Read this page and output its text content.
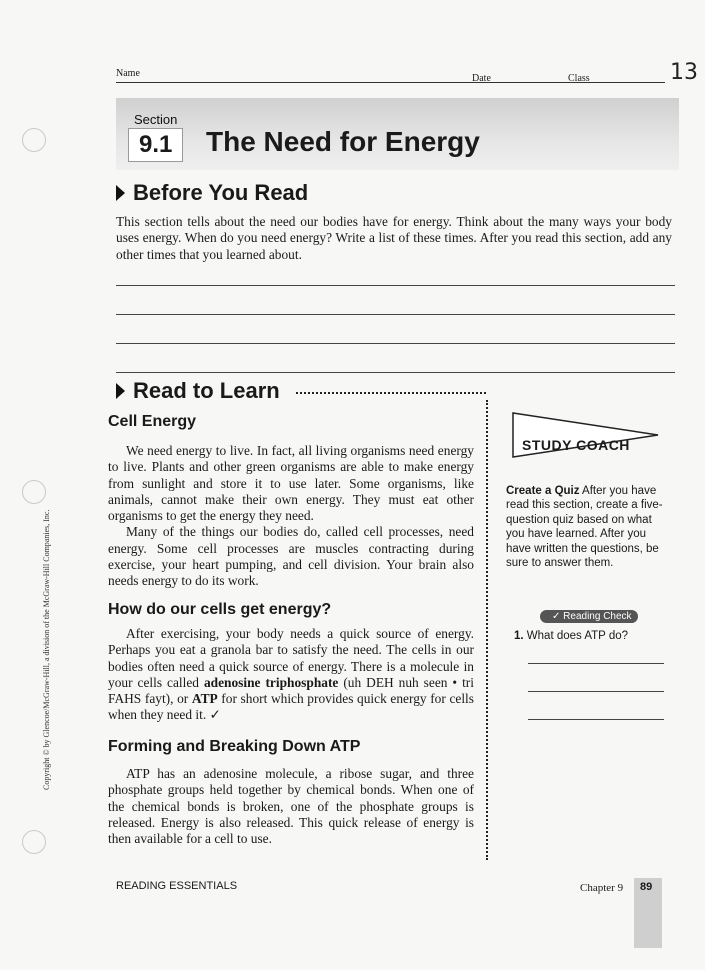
Name	Date	Class	13
Section
9.1	The Need for Energy
Before You Read

This section tells about the need our bodies have for energy. Think about the many ways your body uses energy. When do you need energy? Write a list of these times. After you read this section, add any other times that you learned about.

Read to Learn
Cell Energy

We need energy to live. In fact, all living organisms need energy to live. Plants and other green organisms are able to make energy from sunlight and store it to use later. Some organisms, like animals, cannot make their own energy. They must eat other organisms to get the energy they need.

Many of the things our bodies do, called cell processes, need energy. Some cell processes are muscles contracting during exercise, your heart pumping, and cell division. Your brain also needs energy to do its work.

How do our cells get energy?

After exercising, your body needs a quick source of energy. Perhaps you eat a granola bar to satisfy the need. The cells in our bodies often need a quick source of energy. There is a molecule in your cells called adenosine triphosphate (uh DEH nuh seen • tri FAHS fayt), or ATP for short which provides quick energy for cells when they need it. ✓

Forming and Breaking Down ATP

ATP has an adenosine molecule, a ribose sugar, and three phosphate groups held together by chemical bonds. When one of the chemical bonds is broken, one of the phosphate groups is released. Energy is also released. This quick release of energy is then available for a cell to use.

STUDY COACH
Create a Quiz After you have read this section, create a five-question quiz based on what you have learned. After you have written the questions, be sure to answer them.
✓ Reading Check
1. What does ATP do?
Copyright © by Glencoe/McGraw-Hill, a division of the McGraw-Hill Companies, Inc.
READING ESSENTIALS	Chapter 9 89
